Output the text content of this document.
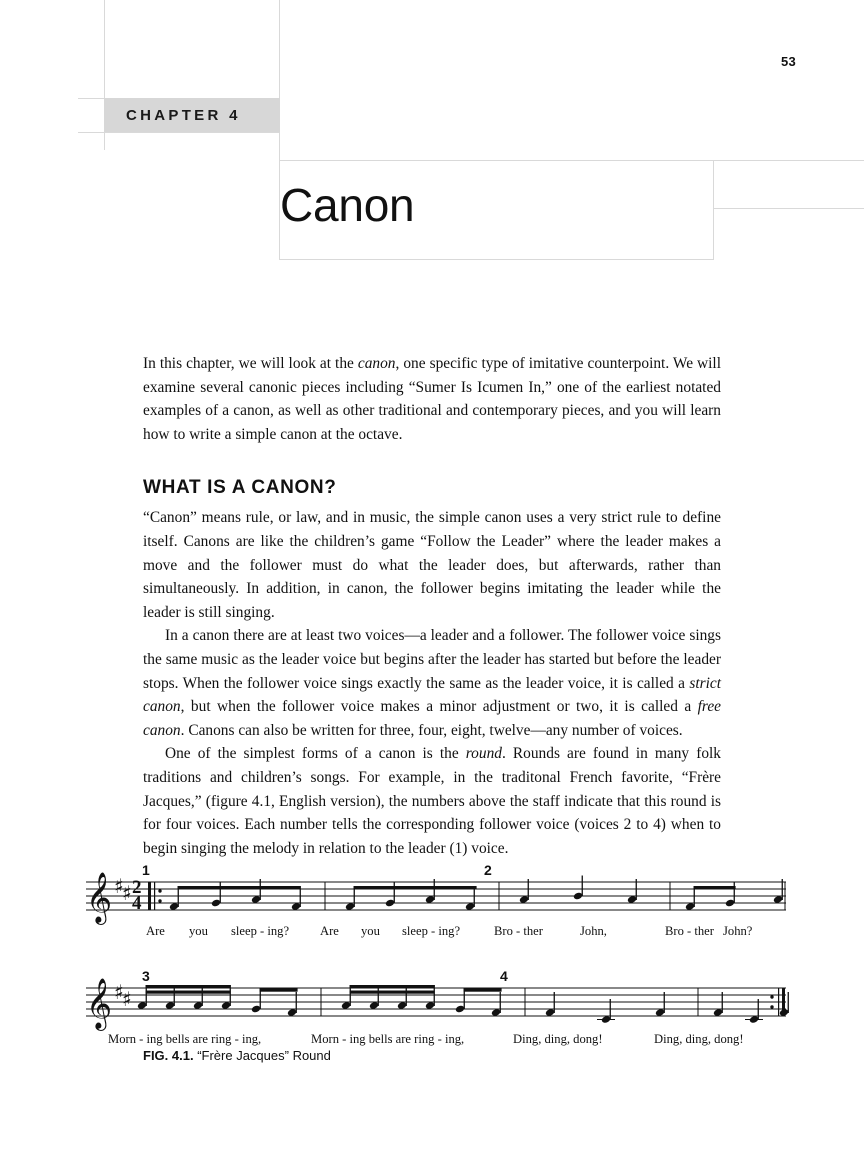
53
CHAPTER 4
Canon

In this chapter, we will look at the canon, one specific type of imitative counterpoint. We will examine several canonic pieces including “Sumer Is Icumen In,” one of the earliest notated examples of a canon, as well as other traditional and contemporary pieces, and you will learn how to write a simple canon at the octave.

WHAT IS A CANON?

“Canon” means rule, or law, and in music, the simple canon uses a very strict rule to define itself. Canons are like the children’s game “Follow the Leader” where the leader makes a move and the follower must do what the leader does, but afterwards, rather than simultaneously. In addition, in canon, the follower begins imitating the leader while the leader is still singing.

In a canon there are at least two voices—a leader and a follower. The follower voice sings the same music as the leader voice but begins after the leader has started but before the leader stops. When the follower voice sings exactly the same as the leader voice, it is called a strict canon, but when the follower voice makes a minor adjustment or two, it is called a free canon. Canons can also be written for three, four, eight, twelve—any number of voices.

One of the simplest forms of a canon is the round. Rounds are found in many folk traditions and children’s songs. For example, in the traditonal French favorite, “Frère Jacques,” (figure 4.1, English version), the numbers above the staff indicate that this round is for four voices. Each number tells the corresponding follower voice (voices 2 to 4) when to begin singing the melody in relation to the leader (1) voice.

𝄞 ♯
♯ 2
4
1	2
Are you sleep - ing? Are you sleep - ing?	Bro - ther	John,	Bro - ther John?
𝄞 ♯
♯
3	4
Morn - ing bells are ring - ing,	Morn - ing bells are ring - ing,	Ding, ding, dong!	Ding, ding, dong!
FIG. 4.1. “Frère Jacques” Round
